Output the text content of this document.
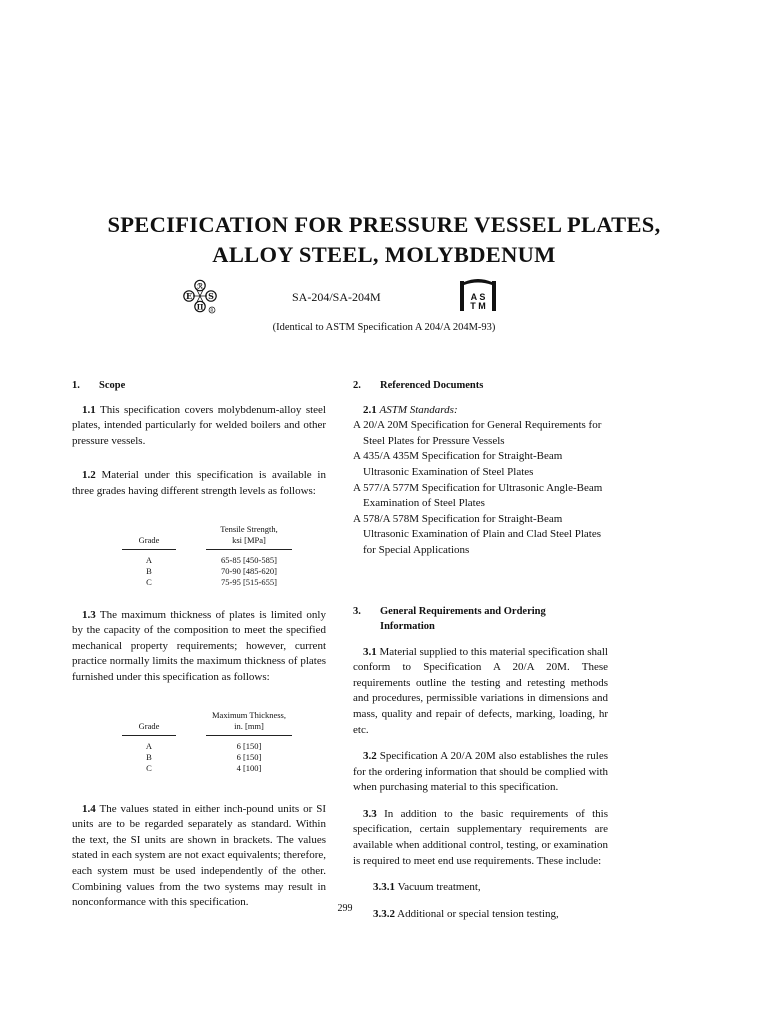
SPECIFICATION FOR PRESSURE VESSEL PLATES,
ALLOY STEEL, MOLYBDENUM
ℛ
E S
Π R
SA-204/SA-204M	A S
T M
(Identical to ASTM Specification A 204/A 204M-93)
1. Scope

1.1 This specification covers molybdenum-alloy steel plates, intended particularly for welded boilers and other pressure vessels.

1.2 Material under this specification is available in three grades having different strength levels as follows:

Grade		Tensile Strength,
ksi [MPa]

A		65-85 [450-585]
B		70-90 [485-620]
C		75-95 [515-655]

1.3 The maximum thickness of plates is limited only by the capacity of the composition to meet the specified mechanical property requirements; however, current practice normally limits the maximum thickness of plates furnished under this specification as follows:

Grade		Maximum Thickness,
in. [mm]

A		6 [150]
B		6 [150]
C		4 [100]

1.4 The values stated in either inch-pound units or SI units are to be regarded separately as standard. Within the text, the SI units are shown in brackets. The values stated in each system are not exact equivalents; therefore, each system must be used independently of the other. Combining values from the two systems may result in nonconformance with this specification.

2. Referenced Documents

2.1 ASTM Standards:

A 20/A 20M Specification for General Requirements for Steel Plates for Pressure Vessels

A 435/A 435M Specification for Straight-Beam Ultrasonic Examination of Steel Plates

A 577/A 577M Specification for Ultrasonic Angle-Beam Examination of Steel Plates

A 578/A 578M Specification for Straight-Beam Ultrasonic Examination of Plain and Clad Steel Plates for Special Applications

3. General Requirements and Ordering
Information

3.1 Material supplied to this material specification shall conform to Specification A 20/A 20M. These requirements outline the testing and retesting methods and procedures, permissible variations in dimensions and mass, quality and repair of defects, marking, loading, hr etc.

3.2 Specification A 20/A 20M also establishes the rules for the ordering information that should be complied with when purchasing material to this specification.

3.3 In addition to the basic requirements of this specification, certain supplementary requirements are available when additional control, testing, or examination is required to meet end use requirements. These include:

3.3.1 Vacuum treatment,

3.3.2 Additional or special tension testing,

299
